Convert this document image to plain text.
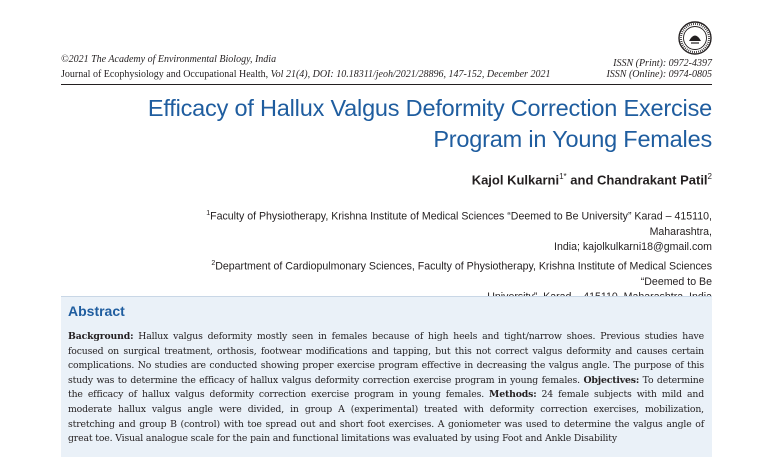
©2021 The Academy of Environmental Biology, India
Journal of Ecophysiology and Occupational Health, Vol 21(4), DOI: 10.18311/jeoh/2021/28896, 147-152, December 2021
ISSN (Print): 0972-4397
ISSN (Online): 0974-0805
Efficacy of Hallux Valgus Deformity Correction Exercise
Program in Young Females
Kajol Kulkarni$^{1*}$ and Chandrakant Patil$^2$
$^1$Faculty of Physiotherapy, Krishna Institute of Medical Sciences “Deemed to Be University” Karad – 415110, Maharashtra,
India; kajolkulkarni18@gmail.com
$^2$Department of Cardiopulmonary Sciences, Faculty of Physiotherapy, Krishna Institute of Medical Sciences “Deemed to Be
Abstract
Background: Hallux valgus deformity mostly seen in females because of high heels and tight/narrow shoes. Previous studies have focused on surgical treatment, orthosis, footwear modifications and tapping, but this not correct valgus deformity and causes certain complications. No studies are conducted showing proper exercise program effective in decreasing the valgus angle. The purpose of this study was to determine the efficacy of hallux valgus deformity correction exercise program in young females. Objectives: To determine the efficacy of hallux valgus deformity correction exercise program in young females. Methods: 24 female subjects with mild and moderate hallux valgus angle were divided, in group A (experimental) treated with deformity correction exercises, mobilization, stretching and group B (control) with toe spread out and short foot exercises. A goniometer was used to determine the valgus angle of great toe. Visual analogue scale for the pain and functional limitations was evaluated by using Foot and Ankle Disability
